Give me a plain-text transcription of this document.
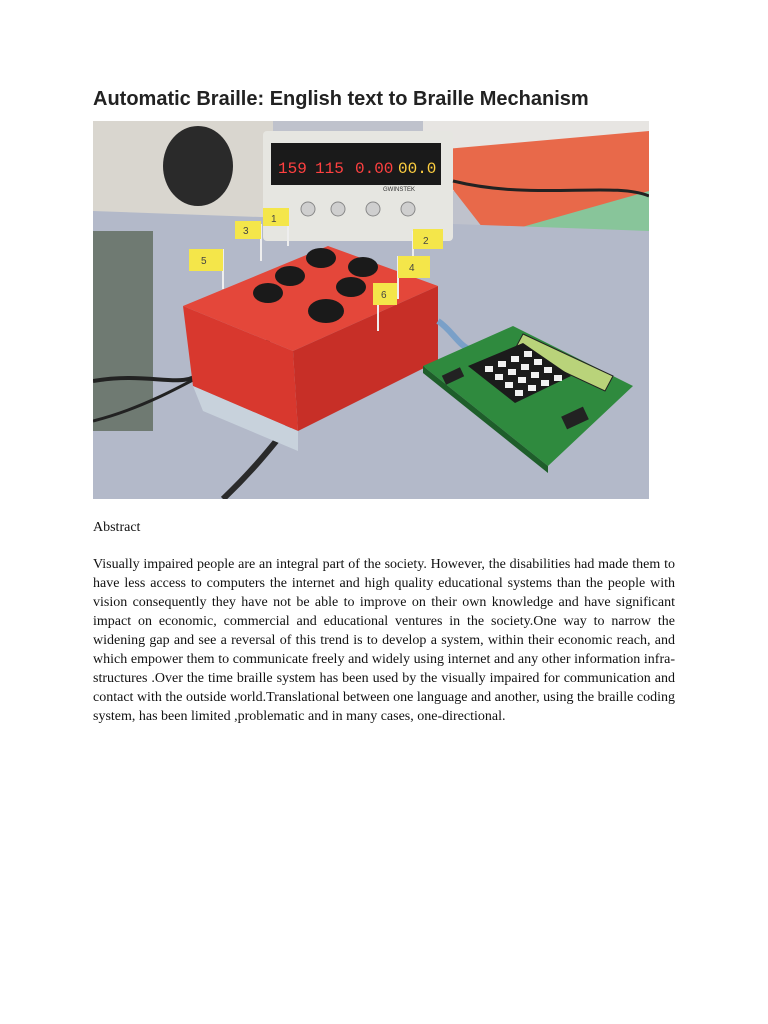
Automatic Braille: English text to Braille Mechanism
159 115 0.00 00.0
GWINSTEK
1
2
3
4
5
6
Abstract

Visually impaired people are an integral part of the society. However, the disabilities had made them to have less access to computers the internet and high quality educational systems than the people with vision consequently they have not be able to improve on their own knowledge and have significant impact on economic, commercial and educational ventures in the society.One way to narrow the widening gap and see a reversal of this trend is to develop a system, within their economic reach, and which empower them to communicate freely and widely using internet and any other information infra-structures .Over the time braille system has been used by the visually impaired for communication and contact with the outside world.Translational between one language and another, using the braille coding system, has been limited ,problematic and in many cases, one-directional.
